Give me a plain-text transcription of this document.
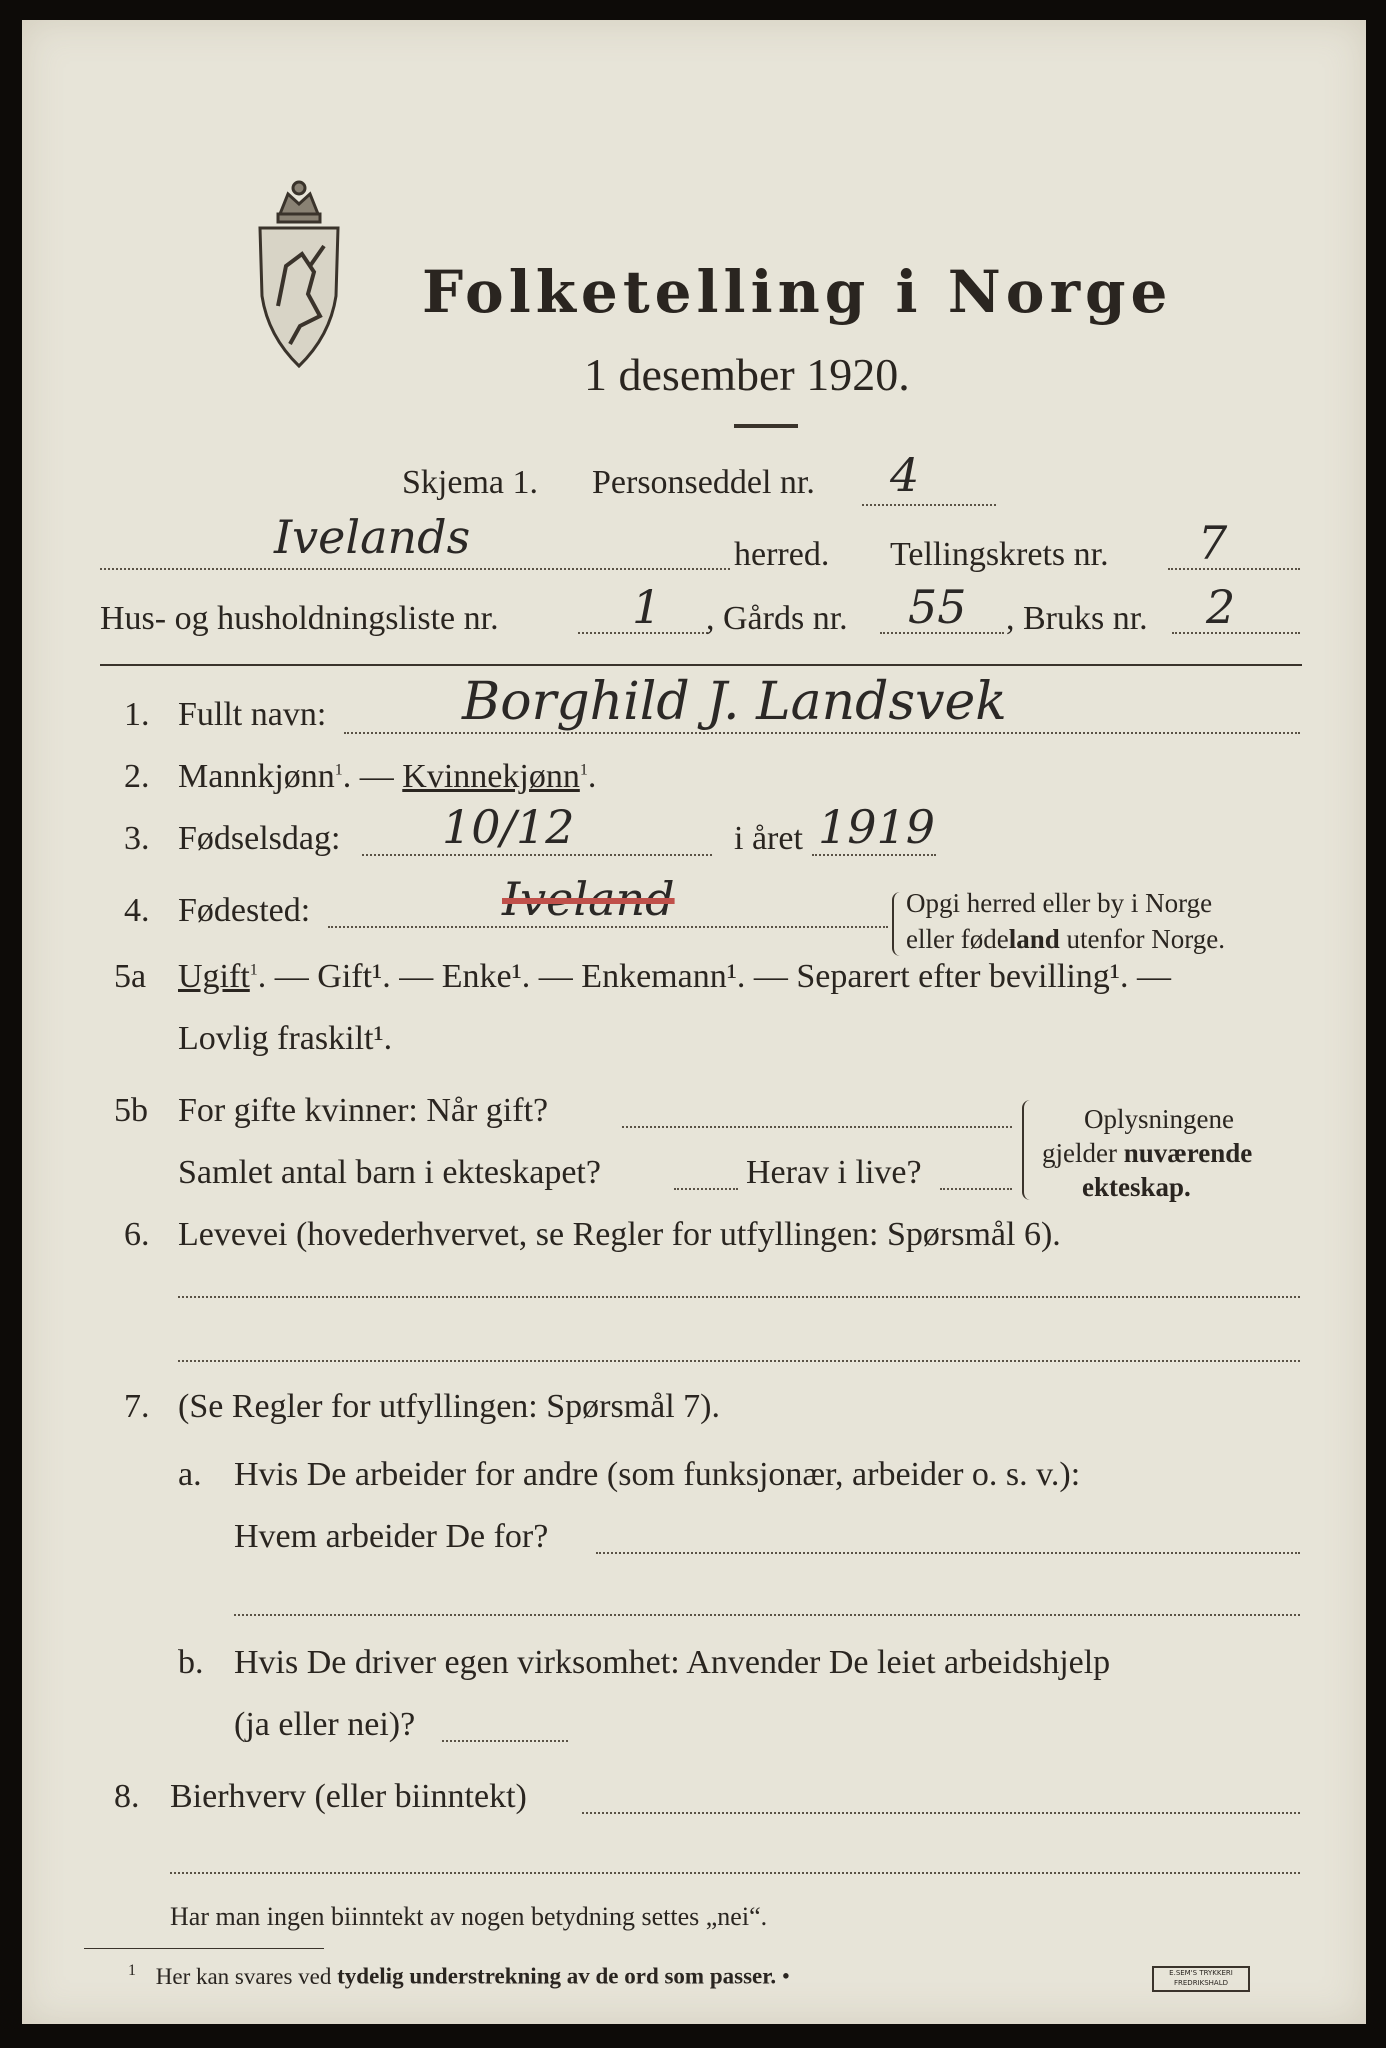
Folketelling i Norge
1 desember 1920.
Skjema 1. Personseddel nr. 4
Ivelands	herred. Tellingskrets nr. 7
Hus- og husholdningsliste nr.	1 , Gårds nr. 55 , Bruks nr. 2
1. Fullt navn:	Borghild J. Landsvek
2. Mannkjønn$^1$. — Kvinnekjønn$^1$.
3. Fødselsdag: 10/12	i året 1919
4. Fødested:	Iveland	Opgi herred eller by i Norge
eller fødeland utenfor Norge.
5a Ugift$^1$. — Gift¹. — Enke¹. — Enkemann¹. — Separert efter bevilling¹. —
Lovlig fraskilt¹.
5b For gifte kvinner: Når gift?
Samlet antal barn i ekteskapet?	Herav i live?
Oplysningene
gjelder nuværende
ekteskap.
6. Levevei (hovederhvervet, se Regler for utfyllingen: Spørsmål 6).
7. (Se Regler for utfyllingen: Spørsmål 7).
a. Hvis De arbeider for andre (som funksjonær, arbeider o. s. v.):
Hvem arbeider De for?
b. Hvis De driver egen virksomhet: Anvender De leiet arbeidshjelp
(ja eller nei)?
8. Bierhverv (eller biinntekt)
Har man ingen biinntekt av nogen betydning settes „nei“.
$^1$ Her kan svares ved tydelig understrekning av de ord som passer. •	E.SEM'S TRYKKERI
FREDRIKSHALD
